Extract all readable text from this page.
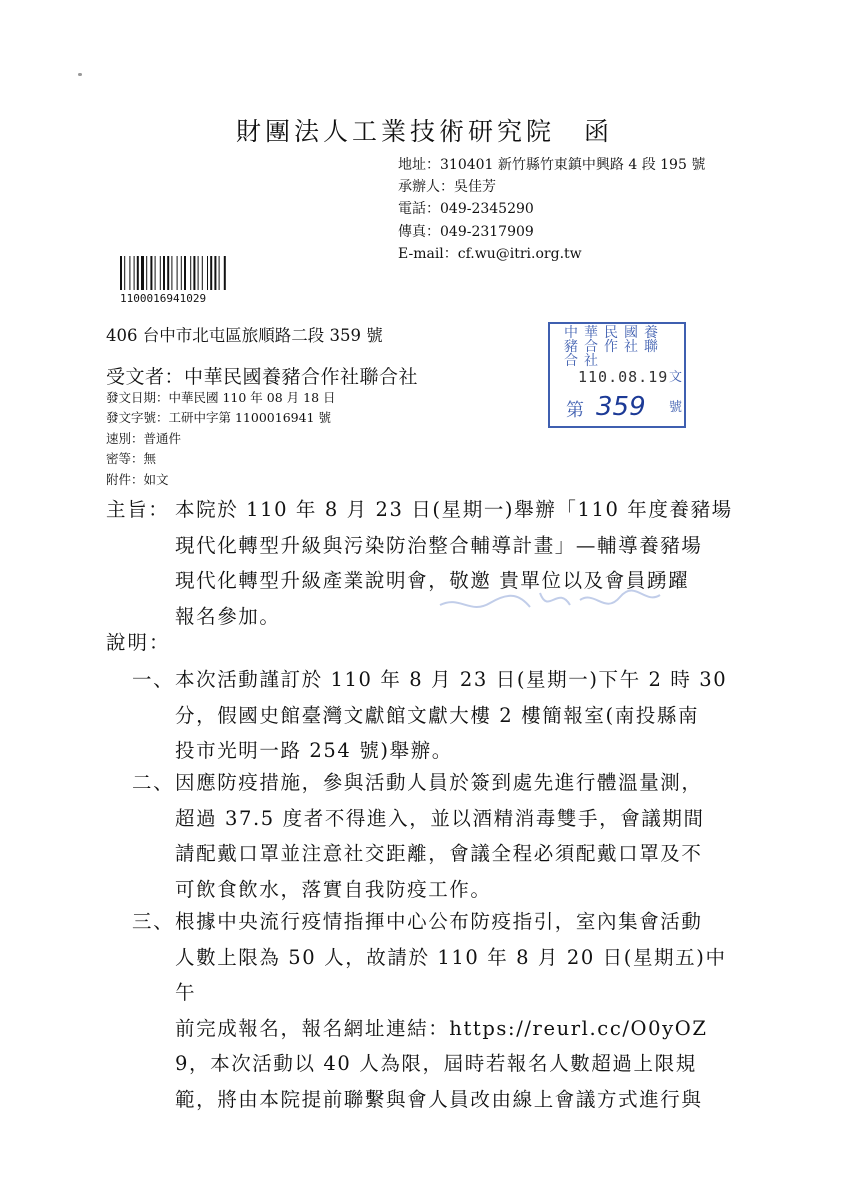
財團法人工業技術研究院　函
地址：310401 新竹縣竹東鎮中興路 4 段 195 號
承辦人：吳佳芳
電話：049-2345290
傳真：049-2317909
E-mail：cf.wu@itri.org.tw
1100016941029
406 台中市北屯區旅順路二段 359 號	中華民國養豬合作社聯合社
110.08.19
第 359
文
號
受文者：中華民國養豬合作社聯合社
發文日期：中華民國 110 年 08 月 18 日
發文字號：工研中字第 1100016941 號
速別：普通件
密等：無
附件：如文
主旨： 本院於 110 年 8 月 23 日(星期一)舉辦「110 年度養豬場
現代化轉型升級與污染防治整合輔導計畫」—輔導養豬場
現代化轉型升級產業說明會，敬邀 貴單位以及會員踴躍
報名參加。
說明：
一、 本次活動謹訂於 110 年 8 月 23 日(星期一)下午 2 時 30
分，假國史館臺灣文獻館文獻大樓 2 樓簡報室(南投縣南
投市光明一路 254 號)舉辦。
二、 因應防疫措施，參與活動人員於簽到處先進行體溫量測，
超過 37.5 度者不得進入，並以酒精消毒雙手，會議期間
請配戴口罩並注意社交距離，會議全程必須配戴口罩及不
可飲食飲水，落實自我防疫工作。
三、 根據中央流行疫情指揮中心公布防疫指引，室內集會活動
人數上限為 50 人，故請於 110 年 8 月 20 日(星期五)中午
前完成報名，報名網址連結：https://reurl.cc/O0yOZ
9，本次活動以 40 人為限，屆時若報名人數超過上限規
範，將由本院提前聯繫與會人員改由線上會議方式進行與
